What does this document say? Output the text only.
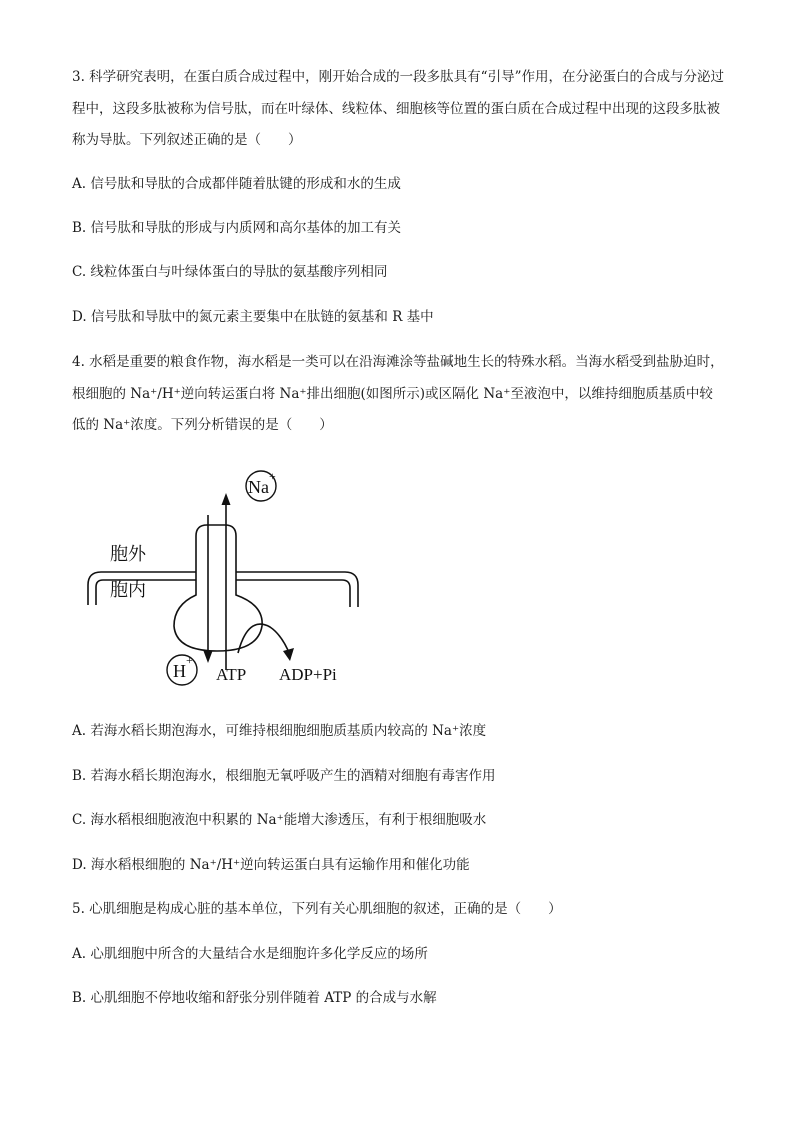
3. 科学研究表明，在蛋白质合成过程中，刚开始合成的一段多肽具有“引导”作用，在分泌蛋白的合成与分泌过程中，这段多肽被称为信号肽，而在叶绿体、线粒体、细胞核等位置的蛋白质在合成过程中出现的这段多肽被称为导肽。下列叙述正确的是（　　）

A. 信号肽和导肽的合成都伴随着肽键的形成和水的生成

B. 信号肽和导肽的形成与内质网和高尔基体的加工有关

C. 线粒体蛋白与叶绿体蛋白的导肽的氨基酸序列相同

D. 信号肽和导肽中的氮元素主要集中在肽链的氨基和 R 基中

4. 水稻是重要的粮食作物，海水稻是一类可以在沿海滩涂等盐碱地生长的特殊水稻。当海水稻受到盐胁迫时，根细胞的 Na⁺/H⁺逆向转运蛋白将 Na⁺排出细胞(如图所示)或区隔化 Na⁺至液泡中，以维持细胞质基质中较低的 Na⁺浓度。下列分析错误的是（　　）

Na
+
H
+
胞外
胞内
ATP ADP+Pi

A. 若海水稻长期泡海水，可维持根细胞细胞质基质内较高的 Na⁺浓度

B. 若海水稻长期泡海水，根细胞无氧呼吸产生的酒精对细胞有毒害作用

C. 海水稻根细胞液泡中积累的 Na⁺能增大渗透压，有利于根细胞吸水

D. 海水稻根细胞的 Na⁺/H⁺逆向转运蛋白具有运输作用和催化功能

5. 心肌细胞是构成心脏的基本单位，下列有关心肌细胞的叙述，正确的是（　　）

A. 心肌细胞中所含的大量结合水是细胞许多化学反应的场所

B. 心肌细胞不停地收缩和舒张分别伴随着 ATP 的合成与水解
